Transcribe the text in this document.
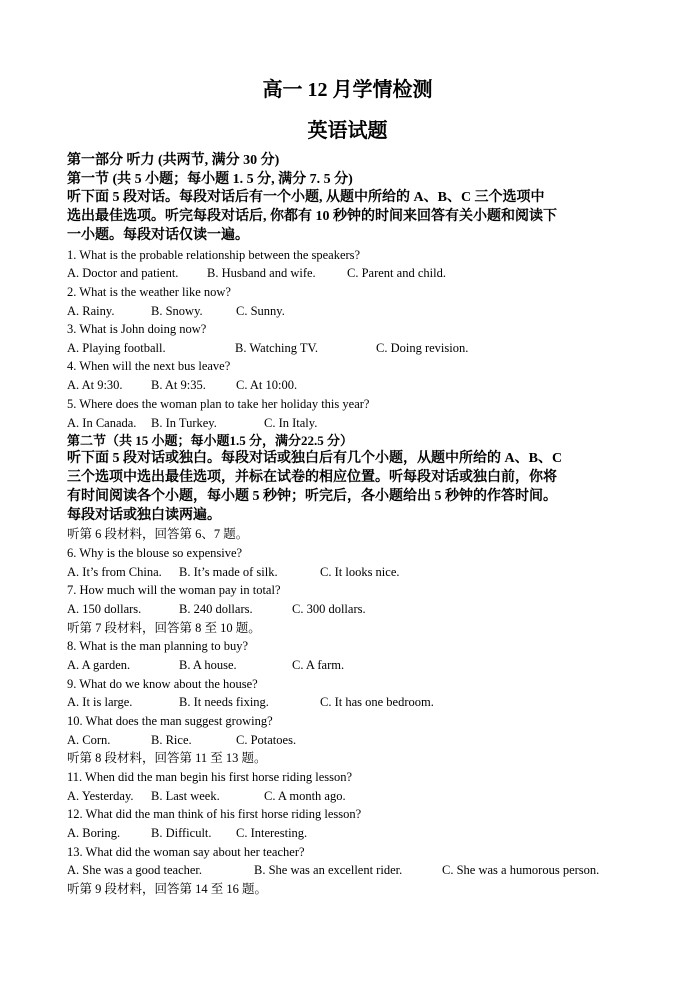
高一 12 月学情检测
英语试题
第一部分 听力 (共两节, 满分 30 分)
第一节 (共 5 小题；每小题 1. 5 分, 满分 7. 5 分)
听下面 5 段对话。每段对话后有一个小题, 从题中所给的 A、B、C 三个选项中
选出最佳选项。听完每段对话后, 你都有 10 秒钟的时间来回答有关小题和阅读下
一小题。每段对话仅读一遍。
1. What is the probable relationship between the speakers?
A. Doctor and patient. B. Husband and wife.	C. Parent and child.
2. What is the weather like now?
A. Rainy.	B. Snowy.	C. Sunny.
3. What is John doing now?
A. Playing football.	B. Watching TV.	C. Doing revision.
4. When will the next bus leave?
A. At 9:30. B. At 9:35. C. At 10:00.
5. Where does the woman plan to take her holiday this year?
A. In Canada. B. In Turkey.	C. In Italy.
第二节（共 15 小题；每小题1.5 分，满分22.5 分）
听下面 5 段对话或独白。每段对话或独白后有几个小题，从题中所给的 A、B、C
三个选项中选出最佳选项，并标在试卷的相应位置。听每段对话或独白前，你将
有时间阅读各个小题，每小题 5 秒钟；听完后，各小题给出 5 秒钟的作答时间。
每段对话或独白读两遍。
听第 6 段材料，回答第 6、7 题。
6. Why is the blouse so expensive?
A. It’s from China. B. It’s made of silk.	C. It looks nice.
7. How much will the woman pay in total?
A. 150 dollars.	B. 240 dollars.	C. 300 dollars.
听第 7 段材料，回答第 8 至 10 题。
8. What is the man planning to buy?
A. A garden.	B. A house.	C. A farm.
9. What do we know about the house?
A. It is large.	B. It needs fixing.	C. It has one bedroom.
10. What does the man suggest growing?
A. Corn.	B. Rice.	C. Potatoes.
听第 8 段材料，回答第 11 至 13 题。
11. When did the man begin his first horse riding lesson?
A. Yesterday. B. Last week.	C. A month ago.
12. What did the man think of his first horse riding lesson?
A. Boring. B. Difficult. C. Interesting.
13. What did the woman say about her teacher?
A. She was a good teacher.	B. She was an excellent rider.	C. She was a humorous person.
听第 9 段材料，回答第 14 至 16 题。
